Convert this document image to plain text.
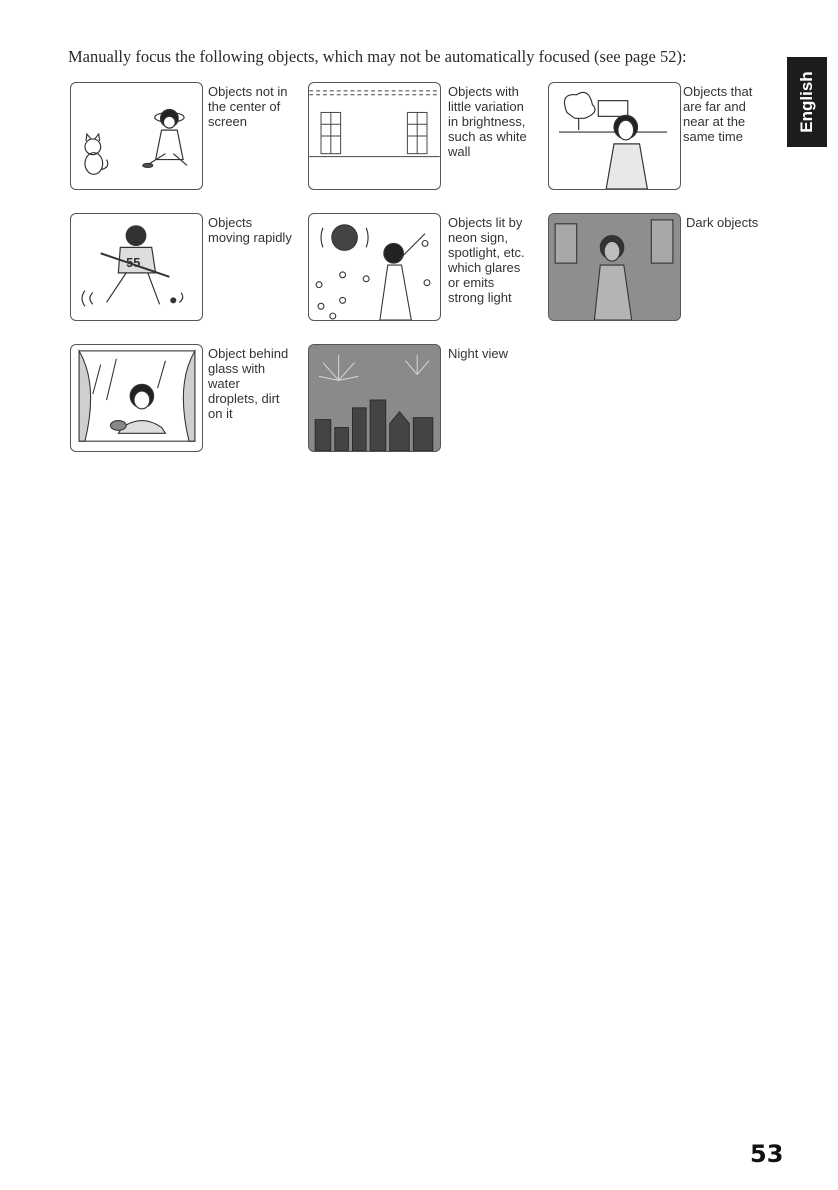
Manually focus the following objects, which may not be automatically focused (see page 52):
English
Objects not in
the center of
screen
Objects with
little variation
in brightness,
such as white
wall
Objects that
are far and
near at the
same time
55
Objects
moving rapidly
Objects lit by
neon sign,
spotlight, etc.
which glares
or emits
strong light
Dark objects
Object behind
glass with
water
droplets, dirt
on it
Night view
53
